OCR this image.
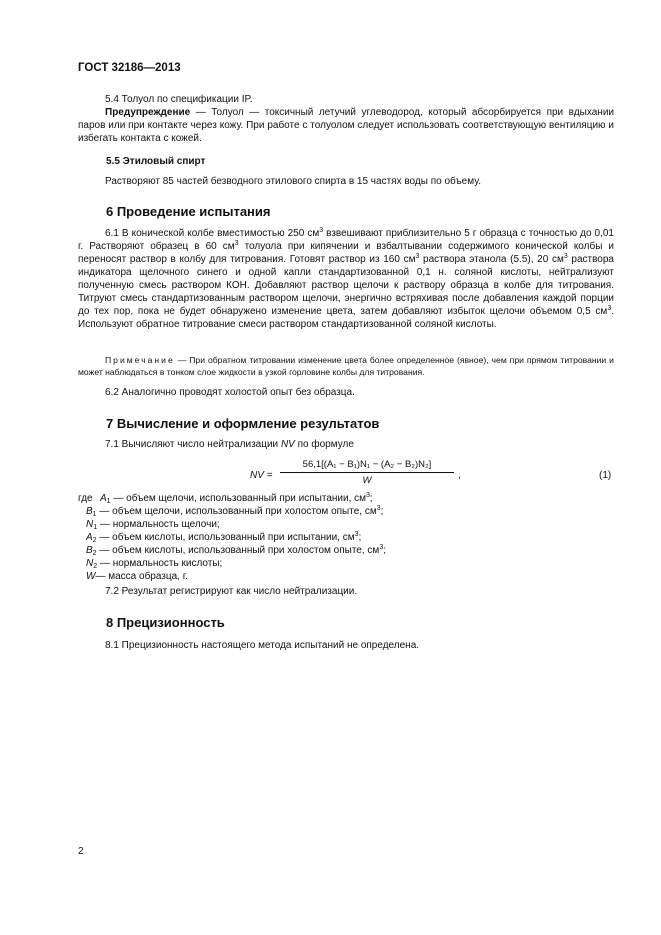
ГОСТ 32186—2013
5.4 Толуол по спецификации IP.
Предупреждение — Толуол — токсичный летучий углеводород, который абсорбируется при вдыхании паров или при контакте через кожу. При работе с толуолом следует использовать соответствующую вентиляцию и избегать контакта с кожей.
5.5 Этиловый спирт
Растворяют 85 частей безводного этилового спирта в 15 частях воды по объему.
6 Проведение испытания
6.1 В конической колбе вместимостью 250 $см^3$ взвешивают приблизительно 5 г образца с точностью до 0,01 г. Растворяют образец в 60 $см^3$ толуола при кипячении и взбалтывании содержимого конической колбы и переносят раствор в колбу для титрования. Готовят раствор из 160 $см^3$ раствора этанола (5.5), 20 $см^3$ раствора индикатора щелочного синего и одной капли стандартизованной 0,1 н. соляной кислоты, нейтрализуют полученную смесь раствором КОН. Добавляют раствор щелочи к раствору образца в колбе для титрования. Титруют смесь стандартизованным раствором щелочи, энергично встряхивая после добавления каждой порции до тех пор, пока не будет обнаружено изменение цвета, затем добавляют избыток щелочи объемом 0,5 $см^3$. Используют обратное титрование смеси раствором стандартизованной соляной кислоты.
Примечание — При обратном титровании изменение цвета более определенное (явное), чем при прямом титровании и может наблюдаться в тонком слое жидкости в узкой горловине колбы для титрования.
6.2 Аналогично проводят холостой опыт без образца.
7 Вычисление и оформление результатов
7.1 Вычисляют число нейтрализации NV по формуле
NV =
56,1[(A₁ − B₁)N₁ − (A₂ − B₂)N₂]
W	,	(1)
где $A_1$ — объем щелочи, использованный при испытании, $см^3$;
$B_1$ — объем щелочи, использованный при холостом опыте, $см^3$;
$N_1$ — нормальность щелочи;
$A_2$ — объем кислоты, использованный при испытании, $см^3$;
$B_2$ — объем кислоты, использованный при холостом опыте, $см^3$;
$N_2$ — нормальность кислоты;
W— масса образца, г.
7.2 Результат регистрируют как число нейтрализации.
8 Прецизионность
8.1 Прецизионность настоящего метода испытаний не определена.
2
